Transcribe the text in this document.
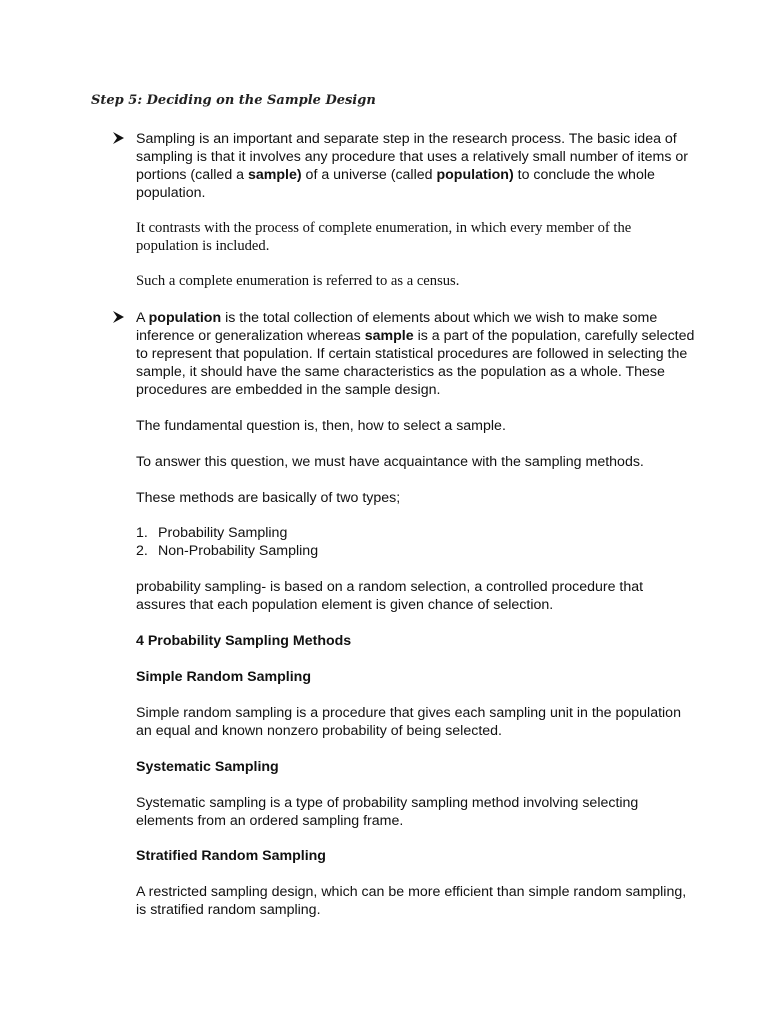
Step 5: Deciding on the Sample Design
Sampling is an important and separate step in the research process. The basic idea of sampling is that it involves any procedure that uses a relatively small number of items or portions (called a sample) of a universe (called population) to conclude the whole population.
It contrasts with the process of complete enumeration, in which every member of the population is included.
Such a complete enumeration is referred to as a census.
A population is the total collection of elements about which we wish to make some inference or generalization whereas sample is a part of the population, carefully selected to represent that population. If certain statistical procedures are followed in selecting the sample, it should have the same characteristics as the population as a whole. These procedures are embedded in the sample design.
The fundamental question is, then, how to select a sample.
To answer this question, we must have acquaintance with the sampling methods.
These methods are basically of two types;
1. Probability Sampling
2. Non-Probability Sampling
probability sampling- is based on a random selection, a controlled procedure that assures that each population element is given chance of selection.
4 Probability Sampling Methods
Simple Random Sampling
Simple random sampling is a procedure that gives each sampling unit in the population an equal and known nonzero probability of being selected.
Systematic Sampling
Systematic sampling is a type of probability sampling method involving selecting elements from an ordered sampling frame.
Stratified Random Sampling
A restricted sampling design, which can be more efficient than simple random sampling, is stratified random sampling.
